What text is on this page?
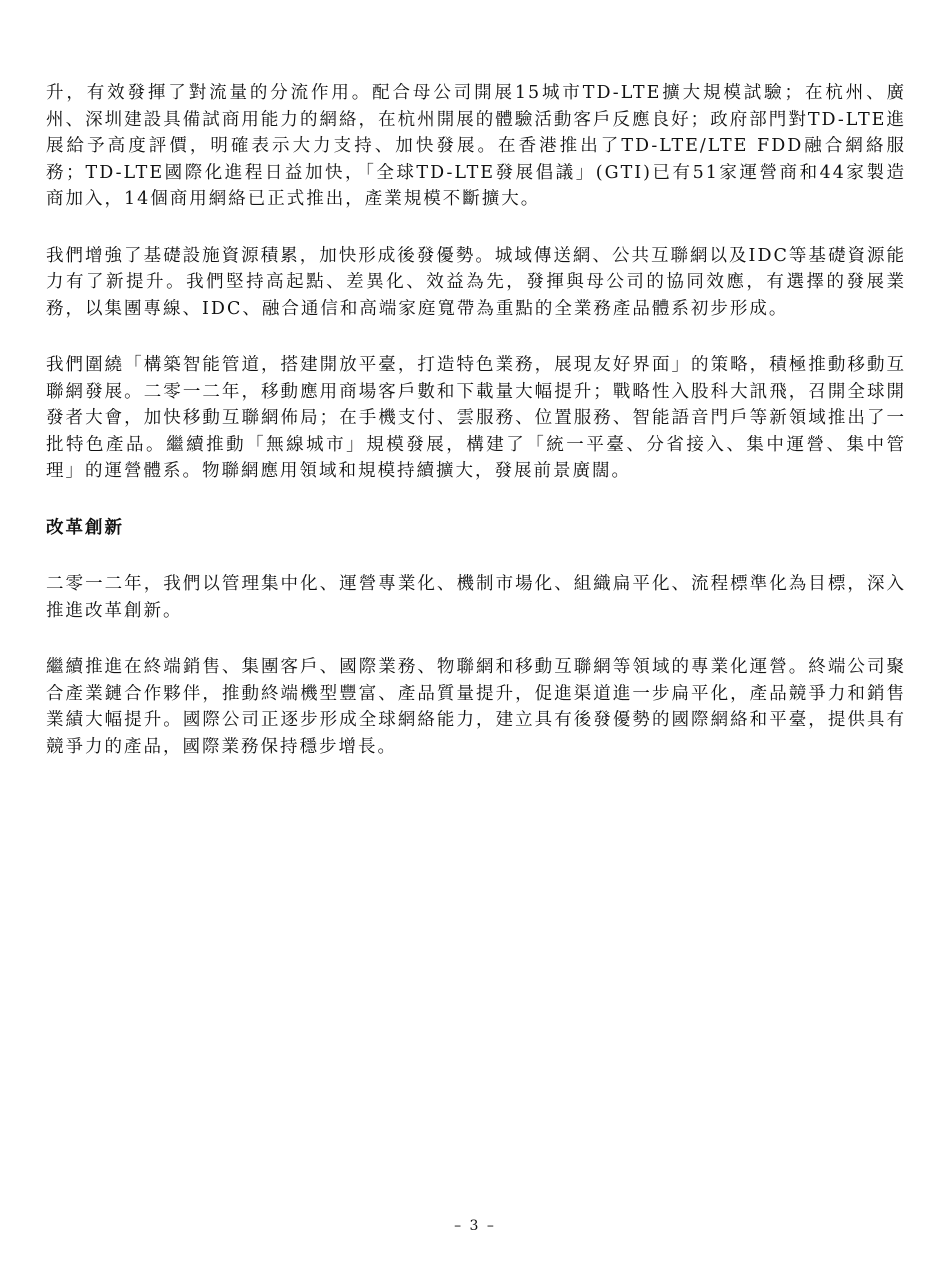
升，有效發揮了對流量的分流作用。配合母公司開展15城市TD-LTE擴大規模試驗；在杭州、廣州、深圳建設具備試商用能力的網絡，在杭州開展的體驗活動客戶反應良好；政府部門對TD-LTE進展給予高度評價，明確表示大力支持、加快發展。在香港推出了TD-LTE/LTE FDD融合網絡服務；TD-LTE國際化進程日益加快，「全球TD-LTE發展倡議」(GTI)已有51家運營商和44家製造商加入，14個商用網絡已正式推出，產業規模不斷擴大。

我們增強了基礎設施資源積累，加快形成後發優勢。城域傳送網、公共互聯網以及IDC等基礎資源能力有了新提升。我們堅持高起點、差異化、效益為先，發揮與母公司的協同效應，有選擇的發展業務，以集團專線、IDC、融合通信和高端家庭寬帶為重點的全業務產品體系初步形成。

我們圍繞「構築智能管道，搭建開放平臺，打造特色業務，展現友好界面」的策略，積極推動移動互聯網發展。二零一二年，移動應用商場客戶數和下載量大幅提升；戰略性入股科大訊飛，召開全球開發者大會，加快移動互聯網佈局；在手機支付、雲服務、位置服務、智能語音門戶等新領域推出了一批特色產品。繼續推動「無線城市」規模發展，構建了「統一平臺、分省接入、集中運營、集中管理」的運營體系。物聯網應用領域和規模持續擴大，發展前景廣闊。

改革創新

二零一二年，我們以管理集中化、運營專業化、機制市場化、組織扁平化、流程標準化為目標，深入推進改革創新。

繼續推進在終端銷售、集團客戶、國際業務、物聯網和移動互聯網等領域的專業化運營。終端公司聚合產業鏈合作夥伴，推動終端機型豐富、產品質量提升，促進渠道進一步扁平化，產品競爭力和銷售業績大幅提升。國際公司正逐步形成全球網絡能力，建立具有後發優勢的國際網絡和平臺，提供具有競爭力的產品，國際業務保持穩步增長。

– 3 –
